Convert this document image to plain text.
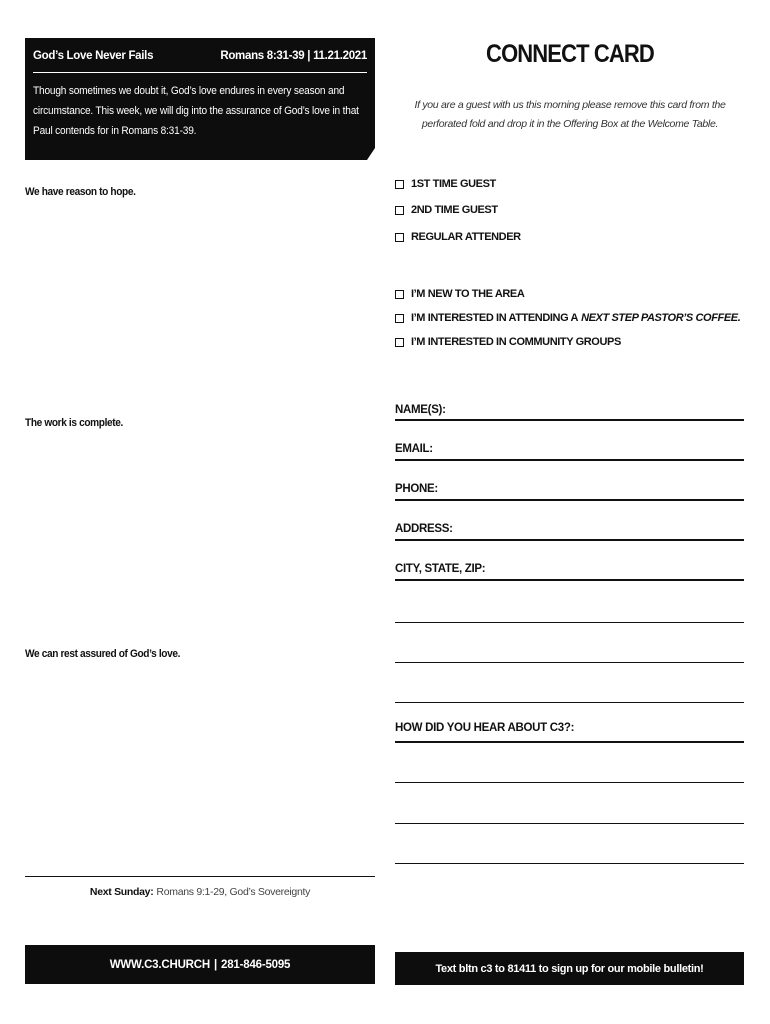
God’s Love Never Fails	Romans 8:31-39 | 11.21.2021
Though sometimes we doubt it, God’s love endures in every season and circumstance. This week, we will dig into the assurance of God’s love in that Paul contends for in Romans 8:31-39.
We have reason to hope.
The work is complete.
We can rest assured of God’s love.
Next Sunday: Romans 9:1-29, God’s Sovereignty
WWW.C3.CHURCH | 281-846-5095
CONNECT CARD
If you are a guest with us this morning please remove this card from the perforated fold and drop it in the Offering Box at the Welcome Table.
1ST TIME GUEST
2ND TIME GUEST
REGULAR ATTENDER
I’M NEW TO THE AREA
I’M INTERESTED IN ATTENDING A NEXT STEP PASTOR’S COFFEE.
I’M INTERESTED IN COMMUNITY GROUPS
NAME(S):
EMAIL:
PHONE:
ADDRESS:
CITY, STATE, ZIP:
HOW DID YOU HEAR ABOUT C3?:
Text bltn c3 to 81411 to sign up for our mobile bulletin!
